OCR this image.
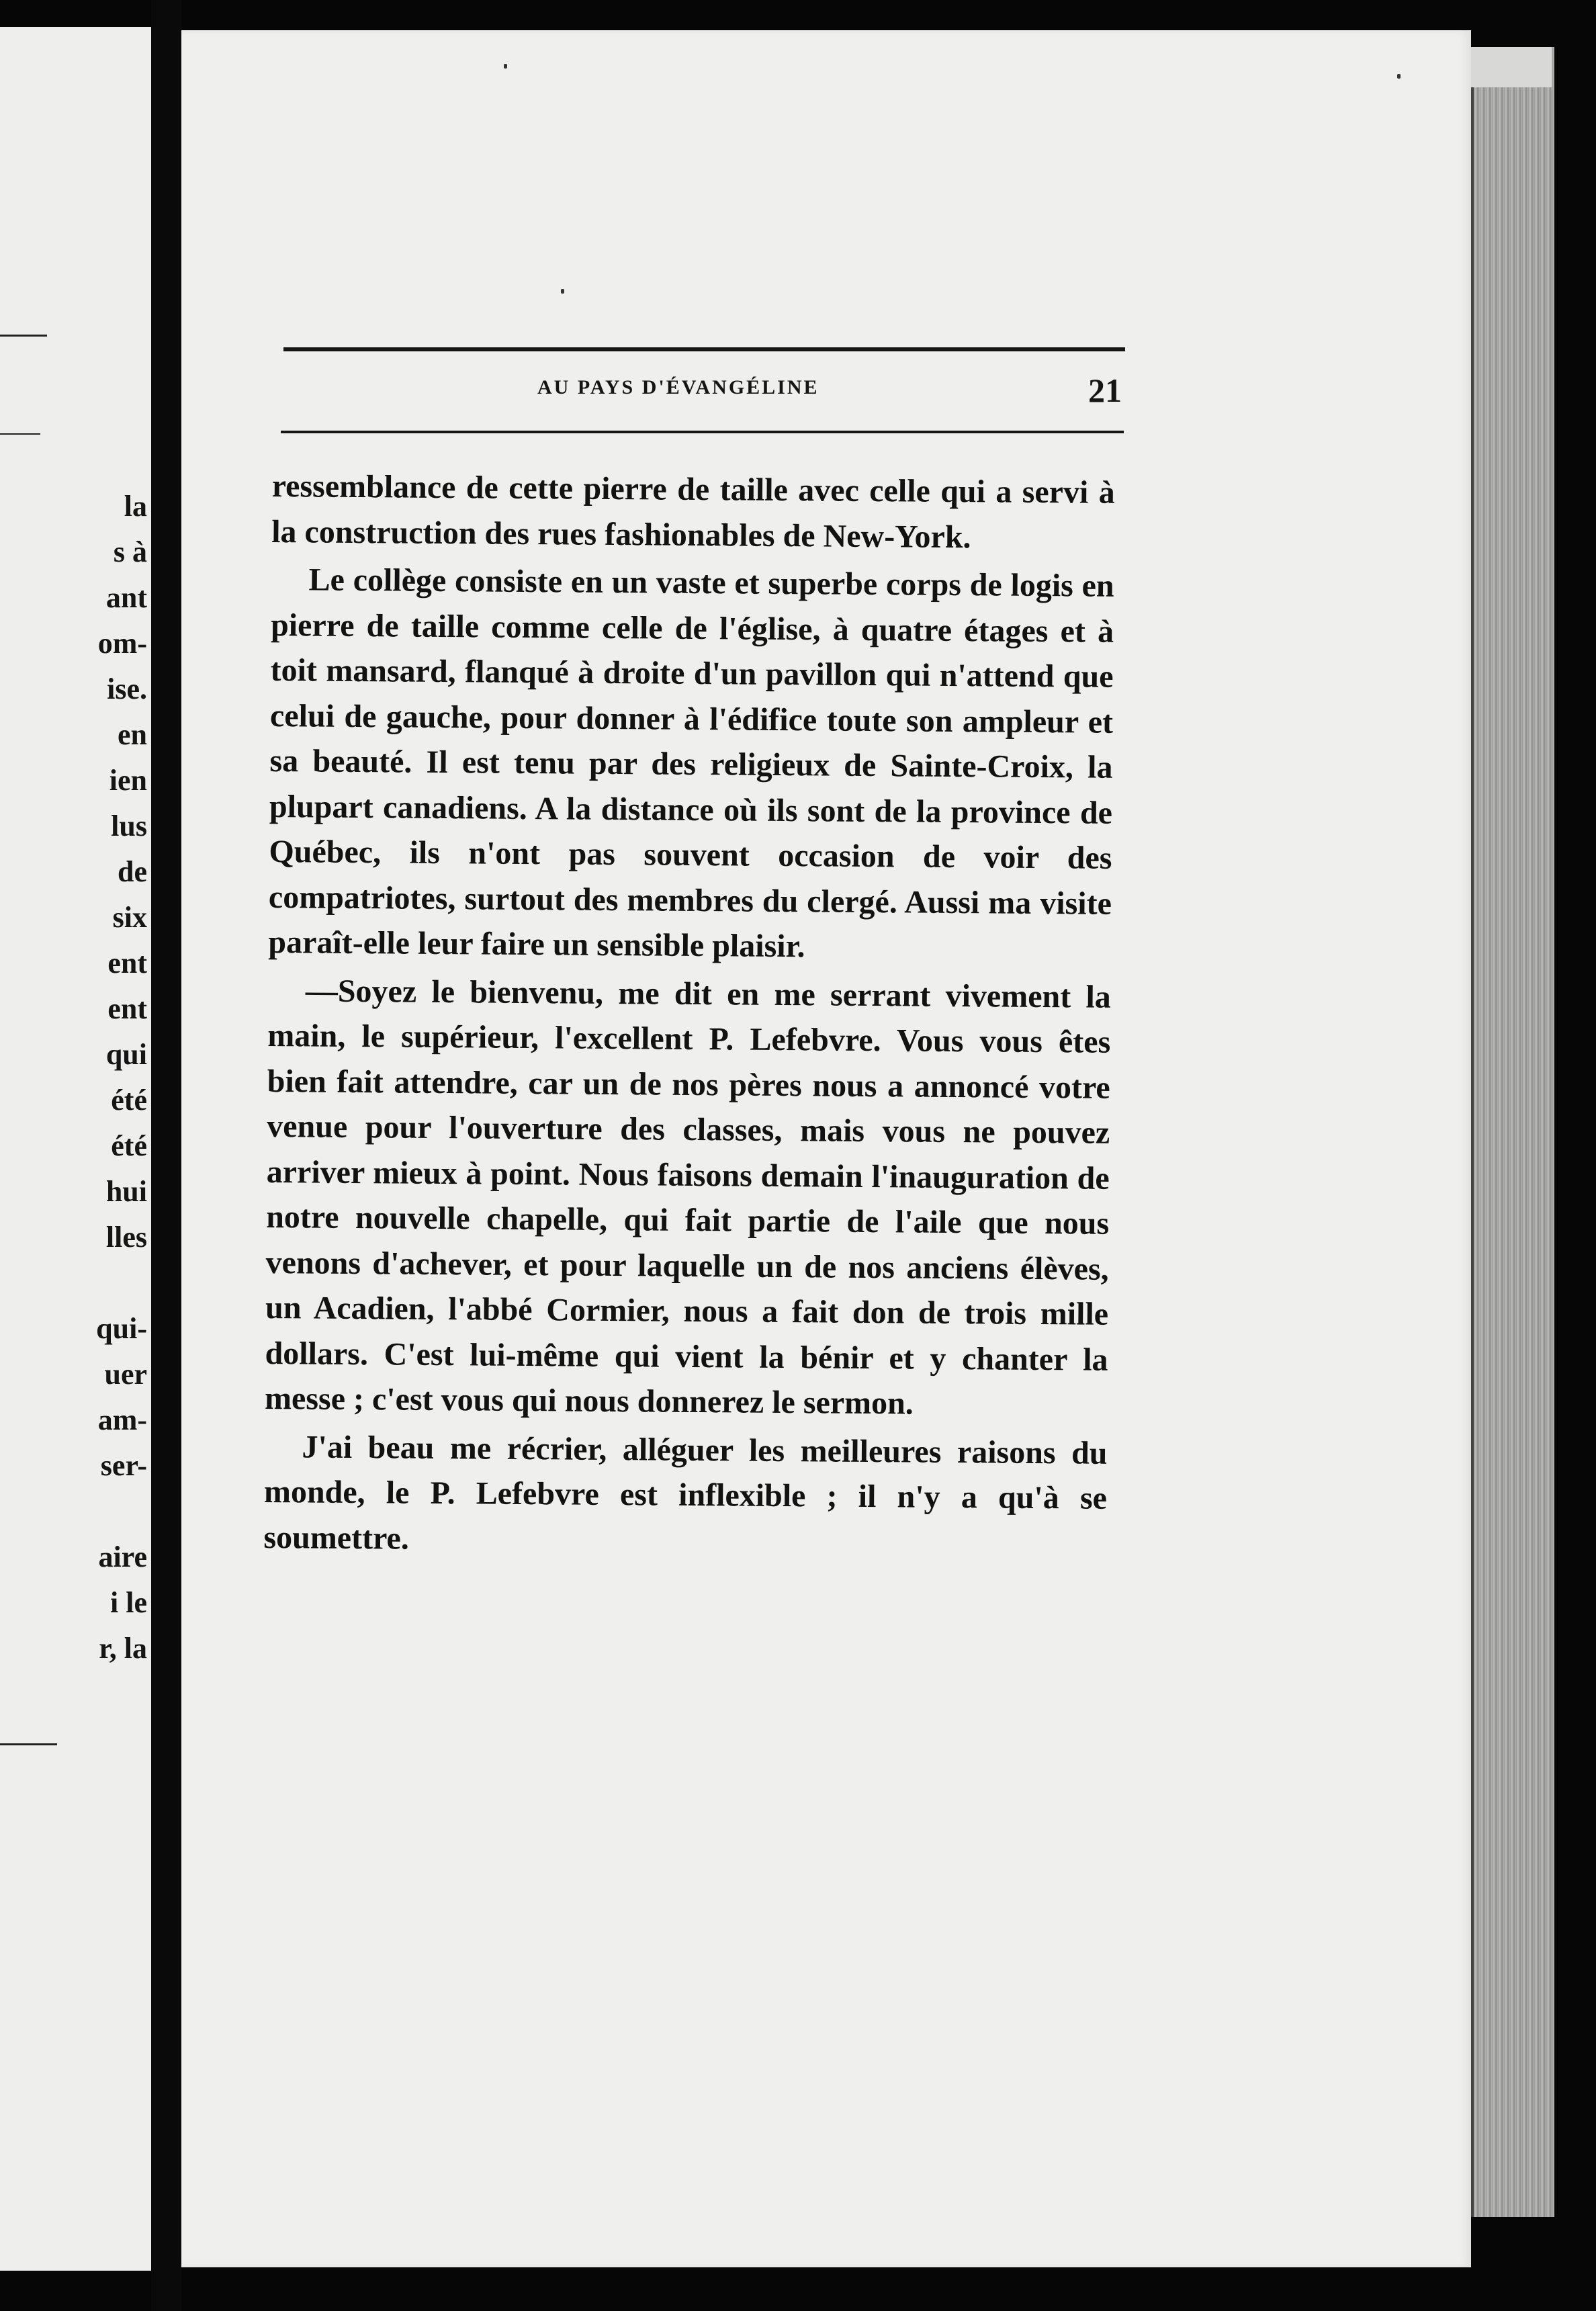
la
s à
ant
om-
ise.
en
ien
lus
de
six
ent
ent
qui
été
été
hui
lles
qui-
uer
am-
ser-
aire
i le
r, la
AU PAYS D'ÉVANGÉLINE	21

ressemblance de cette pierre de taille avec celle qui a servi à la construction des rues fashionables de New-York.

Le collège consiste en un vaste et superbe corps de logis en pierre de taille comme celle de l'église, à quatre étages et à toit mansard, flanqué à droite d'un pavillon qui n'attend que celui de gauche, pour donner à l'édifice toute son ampleur et sa beauté. Il est tenu par des religieux de Sainte-Croix, la plupart canadiens. A la distance où ils sont de la province de Québec, ils n'ont pas souvent occasion de voir des compatriotes, surtout des membres du clergé. Aussi ma visite paraît-elle leur faire un sensible plaisir.

—Soyez le bienvenu, me dit en me serrant vivement la main, le supérieur, l'excellent P. Lefebvre. Vous vous êtes bien fait attendre, car un de nos pères nous a annoncé votre venue pour l'ouverture des classes, mais vous ne pouvez arriver mieux à point. Nous faisons demain l'inauguration de notre nouvelle chapelle, qui fait partie de l'aile que nous venons d'achever, et pour laquelle un de nos anciens élèves, un Acadien, l'abbé Cormier, nous a fait don de trois mille dollars. C'est lui-même qui vient la bénir et y chanter la messe ; c'est vous qui nous donnerez le sermon.

J'ai beau me récrier, alléguer les meilleures raisons du monde, le P. Lefebvre est inflexible ; il n'y a qu'à se soumettre.
